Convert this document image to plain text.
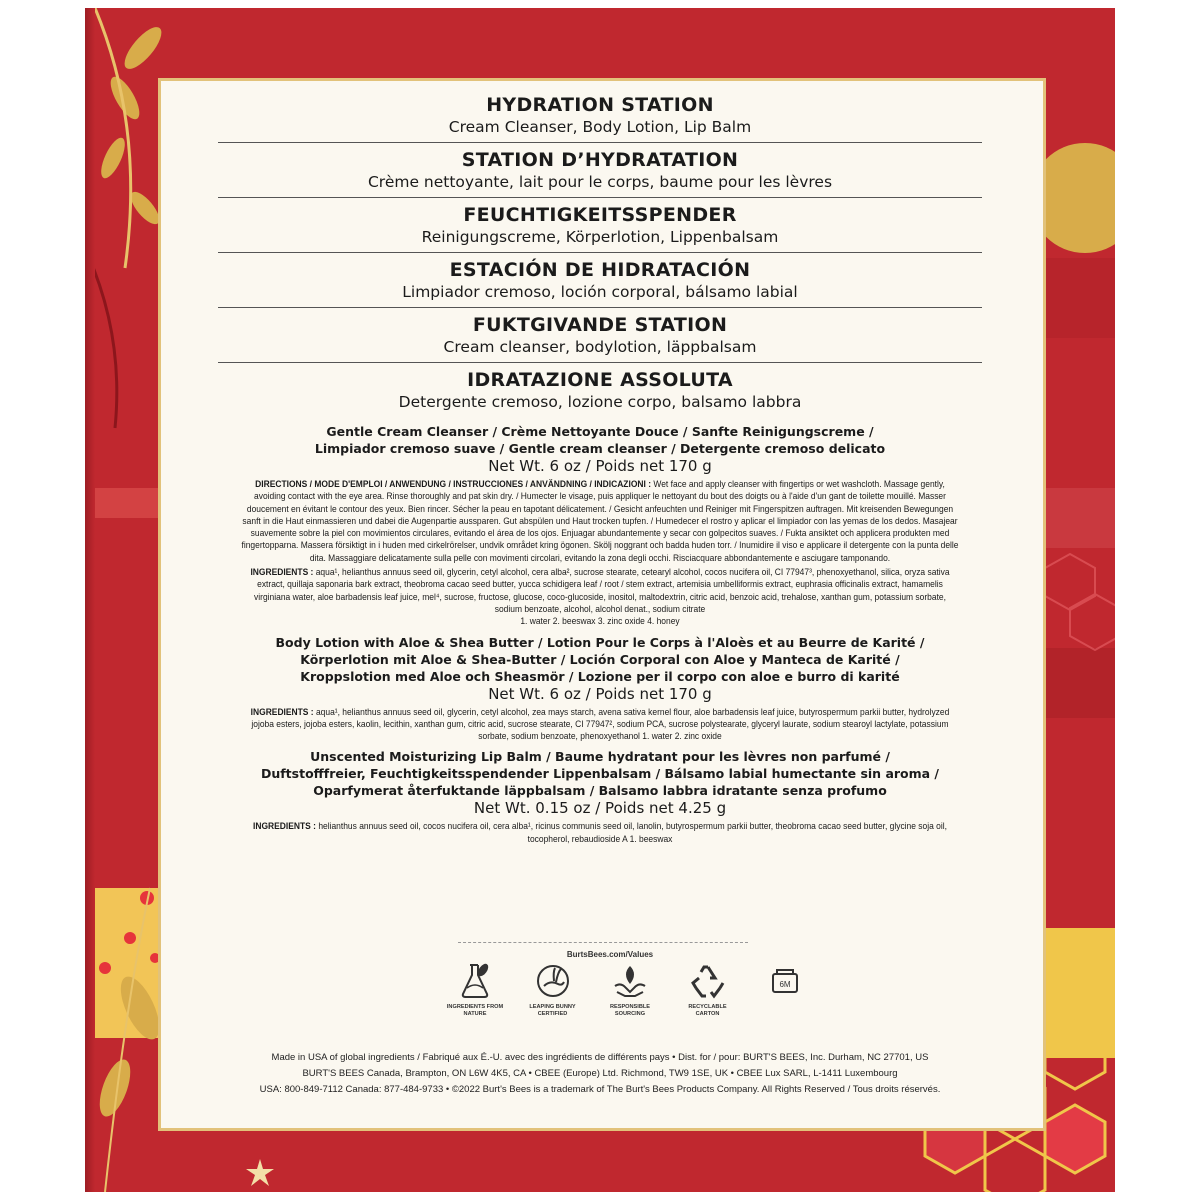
HYDRATION STATION
Cream Cleanser, Body Lotion, Lip Balm
STATION D’HYDRATATION
Crème nettoyante, lait pour le corps, baume pour les lèvres
FEUCHTIGKEITSSPENDER
Reinigungscreme, Körperlotion, Lippenbalsam
ESTACIÓN DE HIDRATACIÓN
Limpiador cremoso, loción corporal, bálsamo labial
FUKTGIVANDE STATION
Cream cleanser, bodylotion, läppbalsam
IDRATAZIONE ASSOLUTA
Detergente cremoso, lozione corpo, balsamo labbra
Gentle Cream Cleanser / Crème Nettoyante Douce / Sanfte Reinigungscreme /
Limpiador cremoso suave / Gentle cream cleanser / Detergente cremoso delicato
Net Wt. 6 oz / Poids net 170 g
DIRECTIONS / MODE D'EMPLOI / ANWENDUNG / INSTRUCCIONES / ANVÄNDNING / INDICAZIONI : Wet face and apply cleanser with fingertips or wet washcloth. Massage gently, avoiding contact with the eye area. Rinse thoroughly and pat skin dry. / Humecter le visage, puis appliquer le nettoyant du bout des doigts ou à l'aide d'un gant de toilette mouillé. Masser doucement en évitant le contour des yeux. Bien rincer. Sécher la peau en tapotant délicatement. / Gesicht anfeuchten und Reiniger mit Fingerspitzen auftragen. Mit kreisenden Bewegungen sanft in die Haut einmassieren und dabei die Augenpartie aussparen. Gut abspülen und Haut trocken tupfen. / Humedecer el rostro y aplicar el limpiador con las yemas de los dedos. Masajear suavemente sobre la piel con movimientos circulares, evitando el área de los ojos. Enjuagar abundantemente y secar con golpecitos suaves. / Fukta ansiktet och applicera produkten med fingertopparna. Massera försiktigt in i huden med cirkelrörelser, undvik området kring ögonen. Skölj noggrant och badda huden torr. / Inumidire il viso e applicare il detergente con la punta delle dita. Massaggiare delicatamente sulla pelle con movimenti circolari, evitando la zona degli occhi. Risciacquare abbondantemente e asciugare tamponando.
INGREDIENTS : aqua¹, helianthus annuus seed oil, glycerin, cetyl alcohol, cera alba², sucrose stearate, cetearyl alcohol, cocos nucifera oil, CI 77947³, phenoxyethanol, silica, oryza sativa extract, quillaja saponaria bark extract, theobroma cacao seed butter, yucca schidigera leaf / root / stem extract, artemisia umbelliformis extract, euphrasia officinalis extract, hamamelis virginiana water, aloe barbadensis leaf juice, mel⁴, sucrose, fructose, glucose, coco-glucoside, inositol, maltodextrin, citric acid, benzoic acid, trehalose, xanthan gum, potassium sorbate, sodium benzoate, alcohol, alcohol denat., sodium citrate
1. water 2. beeswax 3. zinc oxide 4. honey
Body Lotion with Aloe & Shea Butter / Lotion Pour le Corps à l'Aloès et au Beurre de Karité /
Körperlotion mit Aloe & Shea-Butter / Loción Corporal con Aloe y Manteca de Karité /
Kroppslotion med Aloe och Sheasmör / Lozione per il corpo con aloe e burro di karité
Net Wt. 6 oz / Poids net 170 g
INGREDIENTS : aqua¹, helianthus annuus seed oil, glycerin, cetyl alcohol, zea mays starch, avena sativa kernel flour, aloe barbadensis leaf juice, butyrospermum parkii butter, hydrolyzed jojoba esters, jojoba esters, kaolin, lecithin, xanthan gum, citric acid, sucrose stearate, CI 77947², sodium PCA, sucrose polystearate, glyceryl laurate, sodium stearoyl lactylate, potassium sorbate, sodium benzoate, phenoxyethanol 1. water 2. zinc oxide
Unscented Moisturizing Lip Balm / Baume hydratant pour les lèvres non parfumé /
Duftstofffreier, Feuchtigkeitsspendender Lippenbalsam / Bálsamo labial humectante sin aroma /
Oparfymerat återfuktande läppbalsam / Balsamo labbra idratante senza profumo
Net Wt. 0.15 oz / Poids net 4.25 g
INGREDIENTS : helianthus annuus seed oil, cocos nucifera oil, cera alba¹, ricinus communis seed oil, lanolin, butyrospermum parkii butter, theobroma cacao seed butter, glycine soja oil, tocopherol, rebaudioside A 1. beeswax
BurtsBees.com/Values
INGREDIENTS FROM NATURE
LEAPING BUNNY CERTIFIED
RESPONSIBLE SOURCING
RECYCLABLE CARTON
6M
Made in USA of global ingredients / Fabriqué aux É.-U. avec des ingrédients de différents pays • Dist. for / pour: BURT'S BEES, Inc. Durham, NC 27701, US
BURT'S BEES Canada, Brampton, ON L6W 4K5, CA • CBEE (Europe) Ltd. Richmond, TW9 1SE, UK • CBEE Lux SARL, L-1411 Luxembourg
USA: 800-849-7112 Canada: 877-484-9733 • ©2022 Burt's Bees is a trademark of The Burt's Bees Products Company. All Rights Reserved / Tous droits réservés.
